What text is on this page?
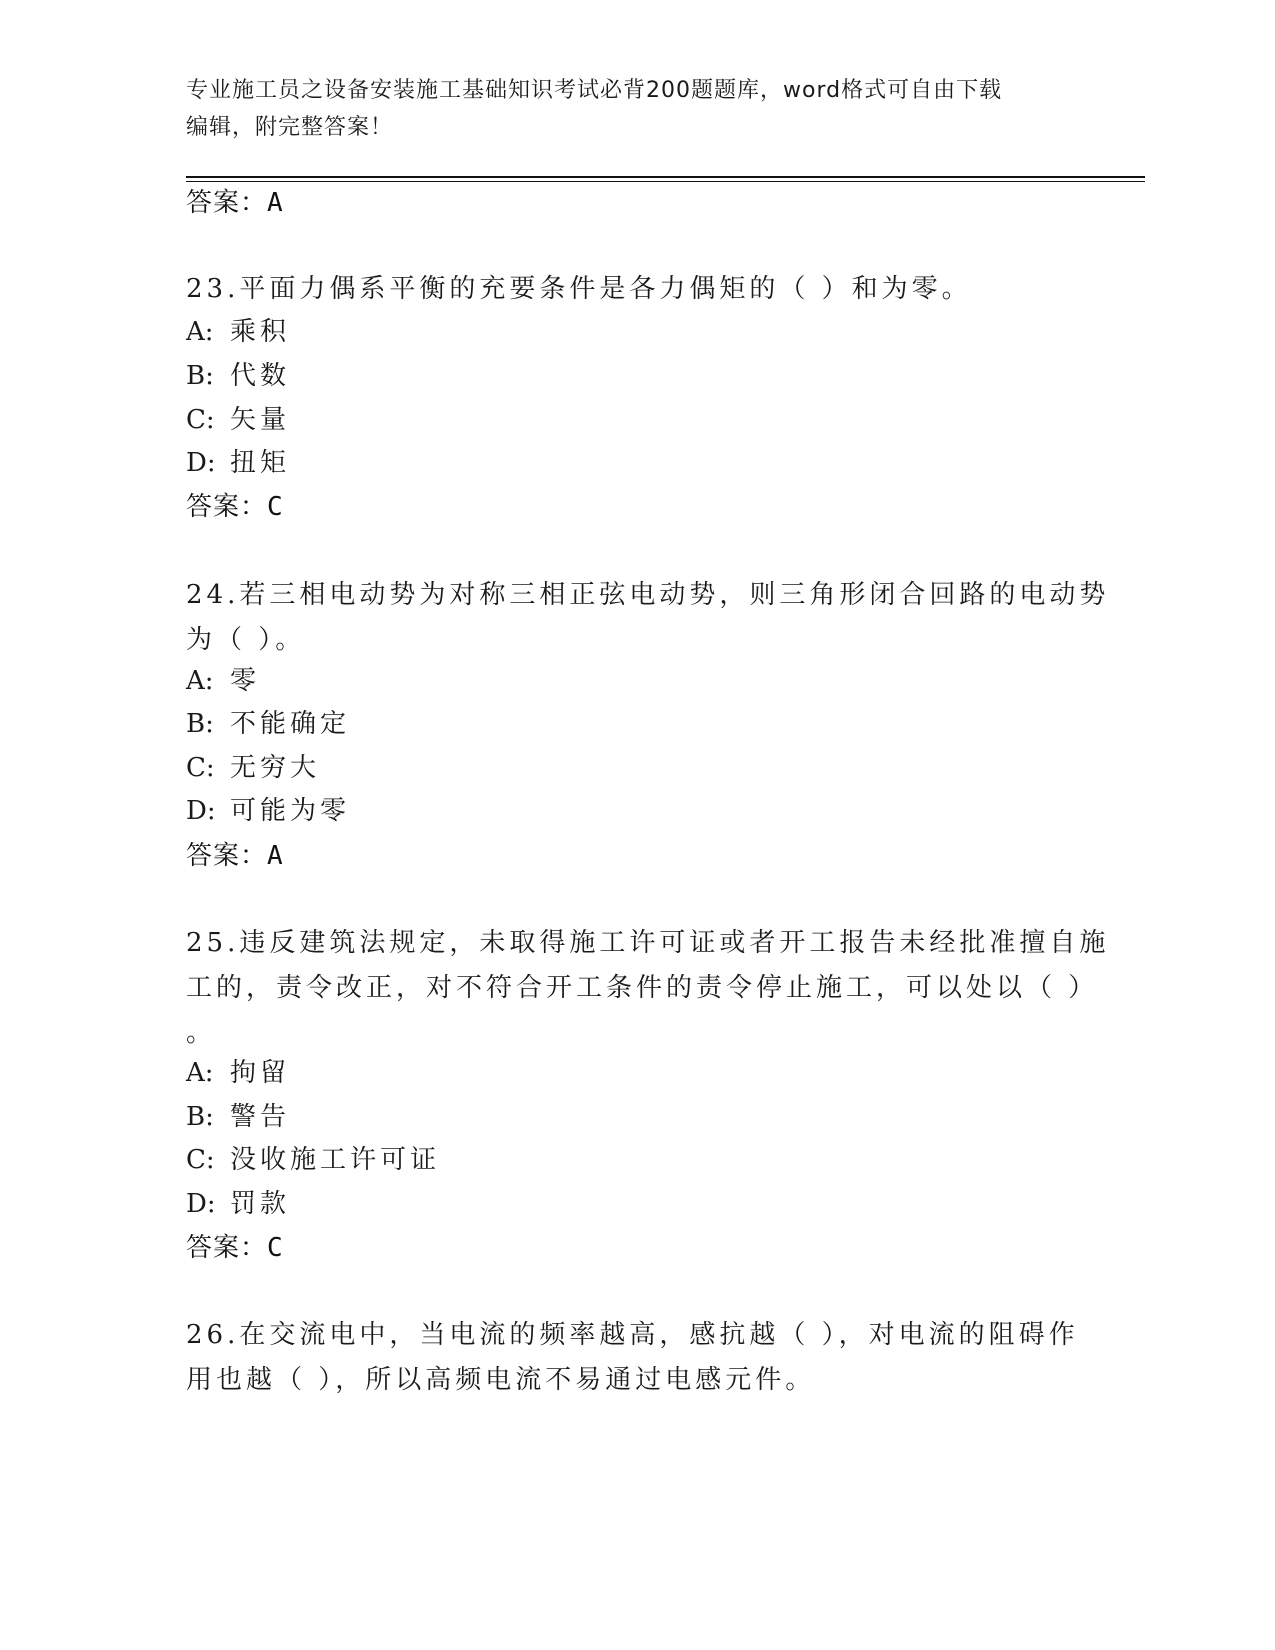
专业施工员之设备安装施工基础知识考试必背200题题库，word格式可自由下载
编辑，附完整答案！
答案：A
23.平面力偶系平衡的充要条件是各力偶矩的（ ）和为零。
A: 乘积
B: 代数
C: 矢量
D: 扭矩
答案：C
24.若三相电动势为对称三相正弦电动势，则三角形闭合回路的电动势
为（ ）。
A: 零
B: 不能确定
C: 无穷大
D: 可能为零
答案：A
25.违反建筑法规定，未取得施工许可证或者开工报告未经批准擅自施
工的，责令改正，对不符合开工条件的责令停止施工，可以处以（ ）
。
A: 拘留
B: 警告
C: 没收施工许可证
D: 罚款
答案：C
26.在交流电中，当电流的频率越高，感抗越（ ），对电流的阻碍作
用也越（ ），所以高频电流不易通过电感元件。
